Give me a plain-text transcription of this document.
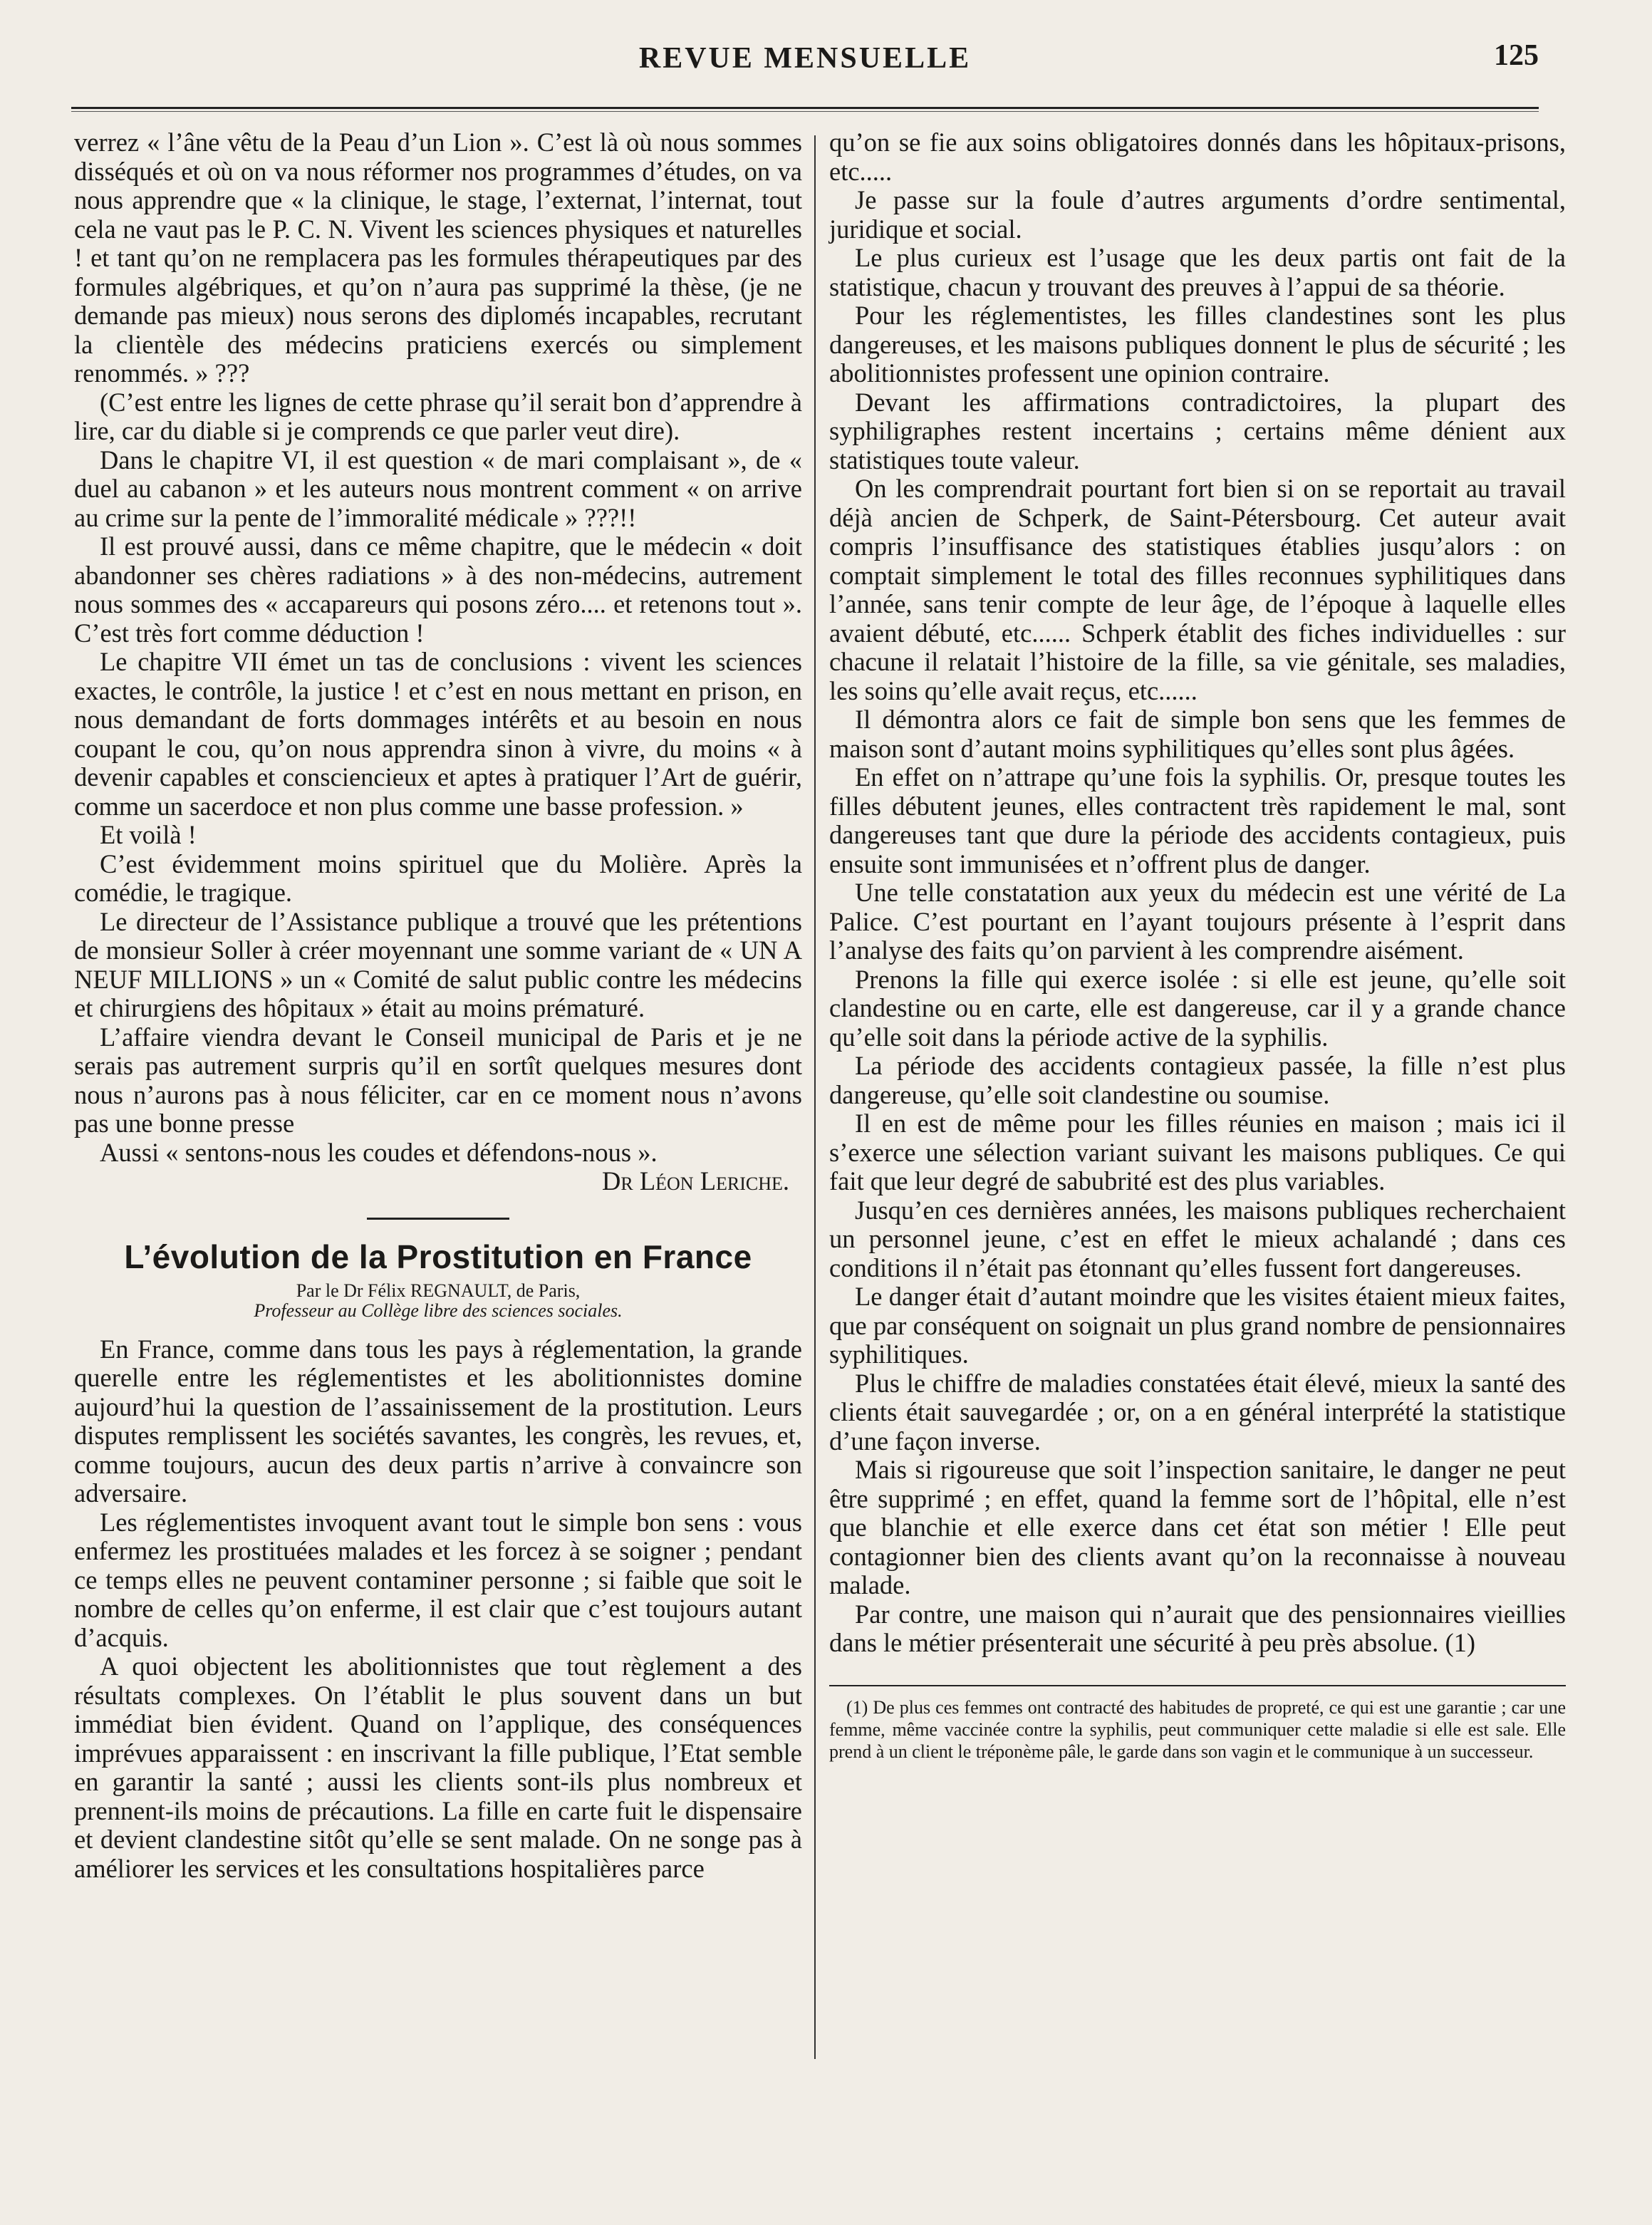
REVUE MENSUELLE	125

verrez « l’âne vêtu de la Peau d’un Lion ». C’est là où nous sommes disséqués et où on va nous réformer nos programmes d’études, on va nous apprendre que « la clinique, le stage, l’externat, l’internat, tout cela ne vaut pas le P. C. N. Vivent les sciences physiques et naturelles ! et tant qu’on ne remplacera pas les formules thérapeutiques par des formules algébriques, et qu’on n’aura pas supprimé la thèse, (je ne demande pas mieux) nous serons des diplomés incapables, recrutant la clientèle des médecins praticiens exercés ou simplement renommés. » ???

(C’est entre les lignes de cette phrase qu’il serait bon d’apprendre à lire, car du diable si je comprends ce que parler veut dire).

Dans le chapitre VI, il est question « de mari complaisant », de « duel au cabanon » et les auteurs nous montrent comment « on arrive au crime sur la pente de l’immoralité médicale » ???!!

Il est prouvé aussi, dans ce même chapitre, que le médecin « doit abandonner ses chères radiations » à des non-médecins, autrement nous sommes des « accapareurs qui posons zéro.... et retenons tout ». C’est très fort comme déduction !

Le chapitre VII émet un tas de conclusions : vivent les sciences exactes, le contrôle, la justice ! et c’est en nous mettant en prison, en nous demandant de forts dommages intérêts et au besoin en nous coupant le cou, qu’on nous apprendra sinon à vivre, du moins « à devenir capables et consciencieux et aptes à pratiquer l’Art de guérir, comme un sacerdoce et non plus comme une basse profession. »

Et voilà !

C’est évidemment moins spirituel que du Molière. Après la comédie, le tragique.

Le directeur de l’Assistance publique a trouvé que les prétentions de monsieur Soller à créer moyennant une somme variant de « UN A NEUF MILLIONS » un « Comité de salut public contre les médecins et chirurgiens des hôpitaux » était au moins prématuré.

L’affaire viendra devant le Conseil municipal de Paris et je ne serais pas autrement surpris qu’il en sortît quelques mesures dont nous n’aurons pas à nous féliciter, car en ce moment nous n’avons pas une bonne presse

Aussi « sentons-nous les coudes et défendons-nous ».

Dr Léon Leriche.
L’évolution de la Prostitution en France
Par le Dr Félix REGNAULT, de Paris,
Professeur au Collège libre des sciences sociales.

En France, comme dans tous les pays à réglementation, la grande querelle entre les réglementistes et les abolitionnistes domine aujourd’hui la question de l’assainissement de la prostitution. Leurs disputes remplissent les sociétés savantes, les congrès, les revues, et, comme toujours, aucun des deux partis n’arrive à convaincre son adversaire.

Les réglementistes invoquent avant tout le simple bon sens : vous enfermez les prostituées malades et les forcez à se soigner ; pendant ce temps elles ne peuvent contaminer personne ; si faible que soit le nombre de celles qu’on enferme, il est clair que c’est toujours autant d’acquis.

A quoi objectent les abolitionnistes que tout règlement a des résultats complexes. On l’établit le plus souvent dans un but immédiat bien évident. Quand on l’applique, des conséquences imprévues apparaissent : en inscrivant la fille publique, l’Etat semble en garantir la santé ; aussi les clients sont-ils plus nombreux et prennent-ils moins de précautions. La fille en carte fuit le dispensaire et devient clandestine sitôt qu’elle se sent malade. On ne songe pas à améliorer les services et les consultations hospitalières parce

qu’on se fie aux soins obligatoires donnés dans les hôpitaux-prisons, etc.....

Je passe sur la foule d’autres arguments d’ordre sentimental, juridique et social.

Le plus curieux est l’usage que les deux partis ont fait de la statistique, chacun y trouvant des preuves à l’appui de sa théorie.

Pour les réglementistes, les filles clandestines sont les plus dangereuses, et les maisons publiques donnent le plus de sécurité ; les abolitionnistes professent une opinion contraire.

Devant les affirmations contradictoires, la plupart des syphiligraphes restent incertains ; certains même dénient aux statistiques toute valeur.

On les comprendrait pourtant fort bien si on se reportait au travail déjà ancien de Schperk, de Saint-Pétersbourg. Cet auteur avait compris l’insuffisance des statistiques établies jusqu’alors : on comptait simplement le total des filles reconnues syphilitiques dans l’année, sans tenir compte de leur âge, de l’époque à laquelle elles avaient débuté, etc...... Schperk établit des fiches individuelles : sur chacune il relatait l’histoire de la fille, sa vie génitale, ses maladies, les soins qu’elle avait reçus, etc......

Il démontra alors ce fait de simple bon sens que les femmes de maison sont d’autant moins syphilitiques qu’elles sont plus âgées.

En effet on n’attrape qu’une fois la syphilis. Or, presque toutes les filles débutent jeunes, elles contractent très rapidement le mal, sont dangereuses tant que dure la période des accidents contagieux, puis ensuite sont immunisées et n’offrent plus de danger.

Une telle constatation aux yeux du médecin est une vérité de La Palice. C’est pourtant en l’ayant toujours présente à l’esprit dans l’analyse des faits qu’on parvient à les comprendre aisément.

Prenons la fille qui exerce isolée : si elle est jeune, qu’elle soit clandestine ou en carte, elle est dangereuse, car il y a grande chance qu’elle soit dans la période active de la syphilis.

La période des accidents contagieux passée, la fille n’est plus dangereuse, qu’elle soit clandestine ou soumise.

Il en est de même pour les filles réunies en maison ; mais ici il s’exerce une sélection variant suivant les maisons publiques. Ce qui fait que leur degré de sabubrité est des plus variables.

Jusqu’en ces dernières années, les maisons publiques recherchaient un personnel jeune, c’est en effet le mieux achalandé ; dans ces conditions il n’était pas étonnant qu’elles fussent fort dangereuses.

Le danger était d’autant moindre que les visites étaient mieux faites, que par conséquent on soignait un plus grand nombre de pensionnaires syphilitiques.

Plus le chiffre de maladies constatées était élevé, mieux la santé des clients était sauvegardée ; or, on a en général interprété la statistique d’une façon inverse.

Mais si rigoureuse que soit l’inspection sanitaire, le danger ne peut être supprimé ; en effet, quand la femme sort de l’hôpital, elle n’est que blanchie et elle exerce dans cet état son métier ! Elle peut contagionner bien des clients avant qu’on la reconnaisse à nouveau malade.

Par contre, une maison qui n’aurait que des pensionnaires vieillies dans le métier présenterait une sécurité à peu près absolue. (1)

(1) De plus ces femmes ont contracté des habitudes de propreté, ce qui est une garantie ; car une femme, même vaccinée contre la syphilis, peut communiquer cette maladie si elle est sale. Elle prend à un client le tréponème pâle, le garde dans son vagin et le communique à un successeur.
